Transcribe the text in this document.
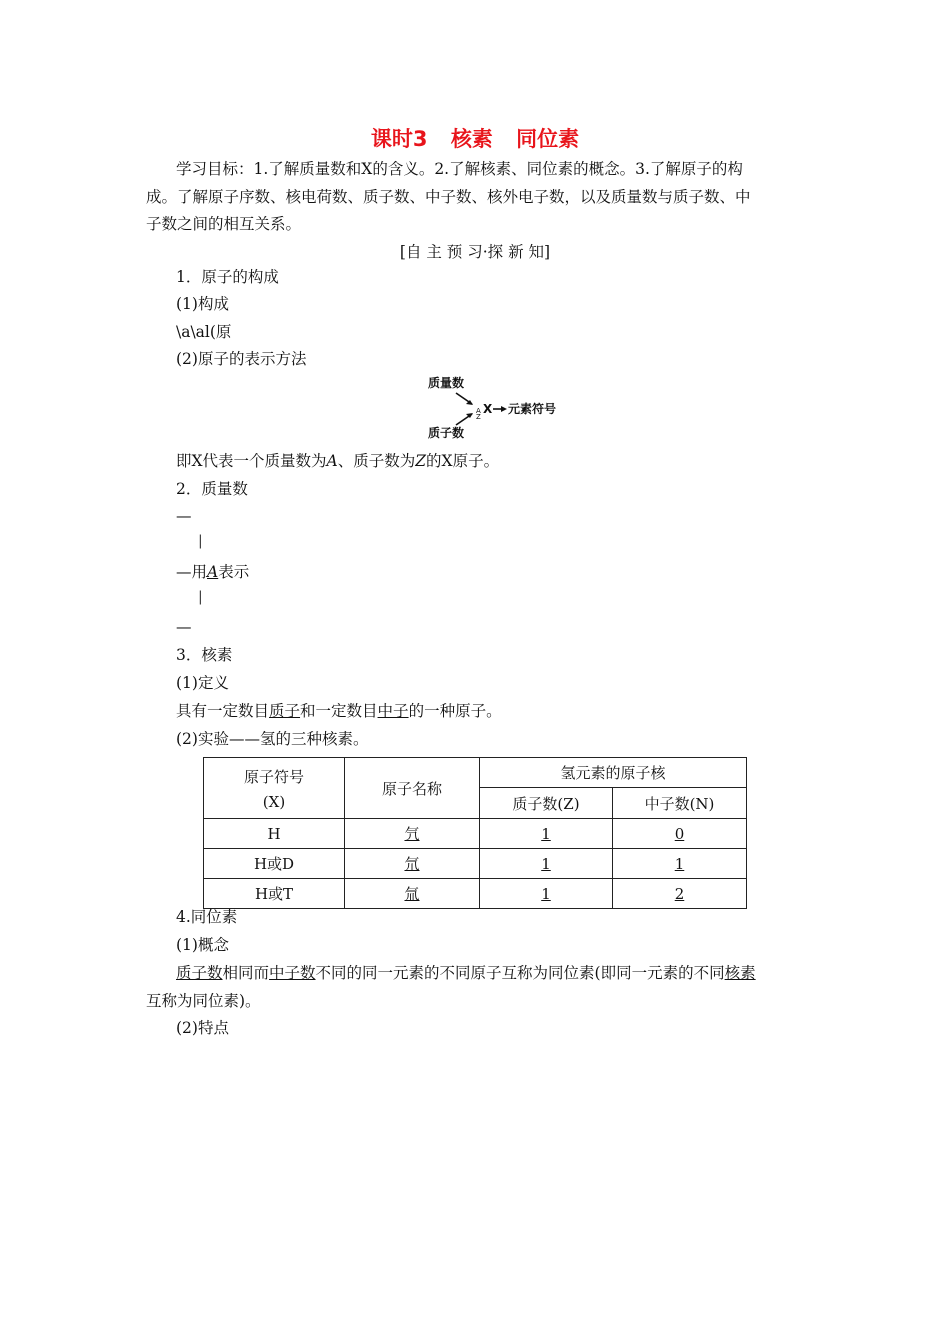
课时3 核素 同位素
学习目标：1.了解质量数和X的含义。2.了解核素、同位素的概念。3.了解原子的构
成。了解原子序数、核电荷数、质子数、中子数、核外电子数，以及质量数与质子数、中
子数之间的相互关系。
[自 主 预 习·探 新 知]
1．原子的构成
(1)构成
\a\al(原
(2)原子的表示方法
质量数
质子数
A
Z
X 元素符号
即X代表一个质量数为A、质子数为Z的X原子。
2．质量数
—
|
—用A表示
|
—
3．核素
(1)定义
具有一定数目质子和一定数目中子的一种原子。
(2)实验——氢的三种核素。
原子符号
(X)	原子名称	氢元素的原子核	
		质子数(Z)	中子数(N)
H	氕	1	0
H或D	氘	1	1
H或T	氚	1	2
4.同位素
(1)概念
质子数相同而中子数不同的同一元素的不同原子互称为同位素(即同一元素的不同核素
互称为同位素)。
(2)特点
